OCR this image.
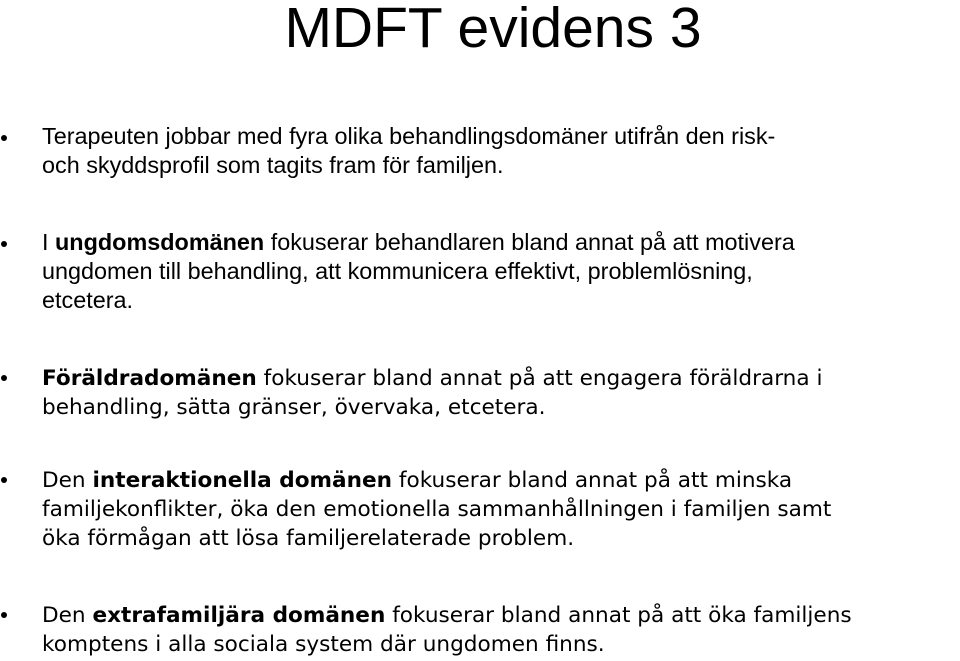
MDFT evidens 3
Terapeuten jobbar med fyra olika behandlingsdomäner utifrån den risk-
och skyddsprofil som tagits fram för familjen.
I ungdomsdomänen fokuserar behandlaren bland annat på att motivera
ungdomen till behandling, att kommunicera effektivt, problemlösning,
etcetera.
Föräldradomänen fokuserar bland annat på att engagera föräldrarna i
behandling, sätta gränser, övervaka, etcetera.
Den interaktionella domänen fokuserar bland annat på att minska
familjekonflikter, öka den emotionella sammanhållningen i familjen samt
öka förmågan att lösa familjerelaterade problem.
Den extrafamiljära domänen fokuserar bland annat på att öka familjens
komptens i alla sociala system där ungdomen finns.
